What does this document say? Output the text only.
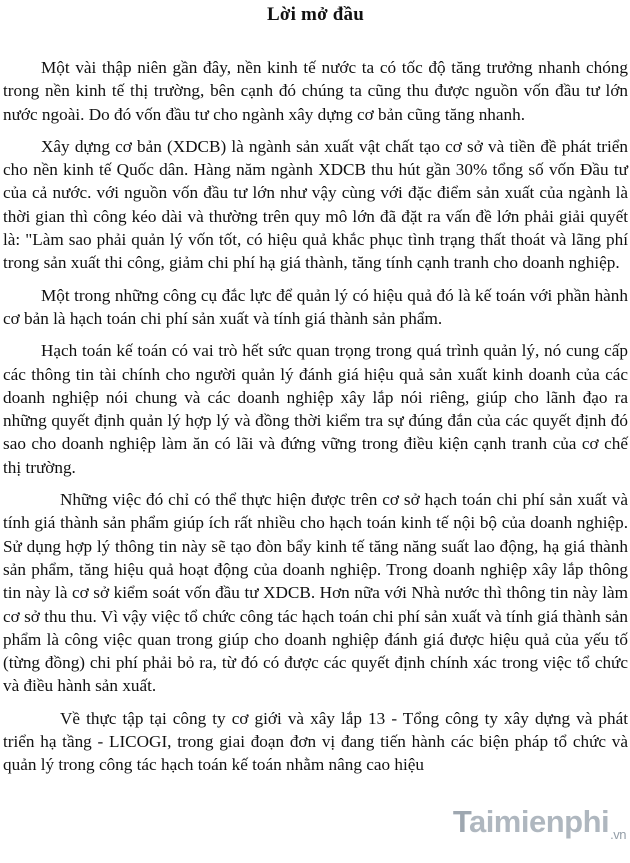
Lời mở đầu

Một vài thập niên gần đây, nền kinh tế nước ta có tốc độ tăng trưởng nhanh chóng trong nền kinh tế thị trường, bên cạnh đó chúng ta cũng thu được nguồn vốn đầu tư lớn nước ngoài. Do đó vốn đầu tư cho ngành xây dựng cơ bản cũng tăng nhanh.

Xây dựng cơ bản (XDCB) là ngành sản xuất vật chất tạo cơ sở và tiền đề phát triển cho nền kinh tế Quốc dân. Hàng năm ngành XDCB thu hút gần 30% tổng số vốn Đầu tư của cả nước. với nguồn vốn đầu tư lớn như vậy cùng với đặc điểm sản xuất của ngành là thời gian thì công kéo dài và thường trên quy mô lớn đã đặt ra vấn đề lớn phải giải quyết là: "Làm sao phải quản lý vốn tốt, có hiệu quả khắc phục tình trạng thất thoát và lãng phí trong sản xuất thi công, giảm chi phí hạ giá thành, tăng tính cạnh tranh cho doanh nghiệp.

Một trong những công cụ đắc lực để quản lý có hiệu quả đó là kế toán với phần hành cơ bản là hạch toán chi phí sản xuất và tính giá thành sản phẩm.

Hạch toán kế toán có vai trò hết sức quan trọng trong quá trình quản lý, nó cung cấp các thông tin tài chính cho người quản lý đánh giá hiệu quả sản xuất kinh doanh của các doanh nghiệp nói chung và các doanh nghiệp xây lắp nói riêng, giúp cho lãnh đạo ra những quyết định quản lý hợp lý và đồng thời kiểm tra sự đúng đắn của các quyết định đó sao cho doanh nghiệp làm ăn có lãi và đứng vững trong điều kiện cạnh tranh của cơ chế thị trường.

Những việc đó chỉ có thể thực hiện được trên cơ sở hạch toán chi phí sản xuất và tính giá thành sản phẩm giúp ích rất nhiều cho hạch toán kinh tế nội bộ của doanh nghiệp. Sử dụng hợp lý thông tin này sẽ tạo đòn bẩy kinh tế tăng năng suất lao động, hạ giá thành sản phẩm, tăng hiệu quả hoạt động của doanh nghiệp. Trong doanh nghiệp xây lắp thông tin này là cơ sở kiểm soát vốn đầu tư XDCB. Hơn nữa với Nhà nước thì thông tin này làm cơ sở thu thu. Vì vậy việc tổ chức công tác hạch toán chi phí sản xuất và tính giá thành sản phẩm là công việc quan trong giúp cho doanh nghiệp đánh giá được hiệu quả của yếu tố (từng đồng) chi phí phải bỏ ra, từ đó có được các quyết định chính xác trong việc tổ chức và điều hành sản xuất.

Về thực tập tại công ty cơ giới và xây lắp 13 - Tổng công ty xây dựng và phát triển hạ tầng - LICOGI, trong giai đoạn đơn vị đang tiến hành các biện pháp tổ chức và quản lý trong công tác hạch toán kế toán nhằm nâng cao hiệu

Taimienphi$_{.vn}$
